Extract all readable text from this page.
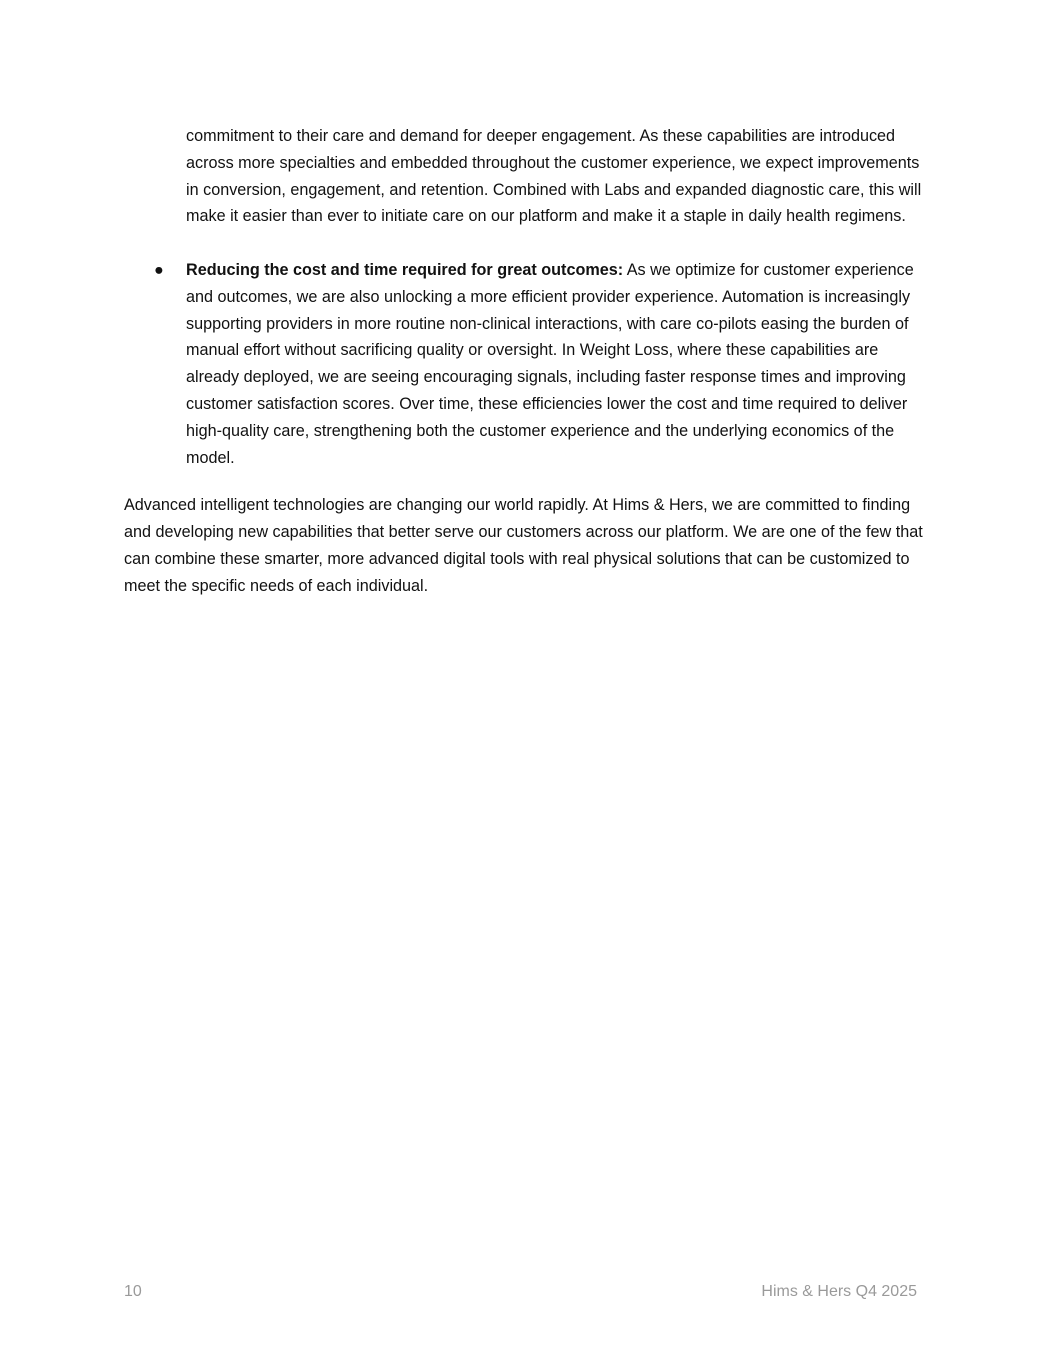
commitment to their care and demand for deeper engagement. As these capabilities are introduced across more specialties and embedded throughout the customer experience, we expect improvements in conversion, engagement, and retention. Combined with Labs and expanded diagnostic care, this will make it easier than ever to initiate care on our platform and make it a staple in daily health regimens.

● Reducing the cost and time required for great outcomes: As we optimize for customer experience and outcomes, we are also unlocking a more efficient provider experience. Automation is increasingly supporting providers in more routine non-clinical interactions, with care co-pilots easing the burden of manual effort without sacrificing quality or oversight. In Weight Loss, where these capabilities are already deployed, we are seeing encouraging signals, including faster response times and improving customer satisfaction scores. Over time, these efficiencies lower the cost and time required to deliver high-quality care, strengthening both the customer experience and the underlying economics of the model.

Advanced intelligent technologies are changing our world rapidly. At Hims & Hers, we are committed to finding and developing new capabilities that better serve our customers across our platform. We are one of the few that can combine these smarter, more advanced digital tools with real physical solutions that can be customized to meet the specific needs of each individual.

10	Hims & Hers Q4 2025
